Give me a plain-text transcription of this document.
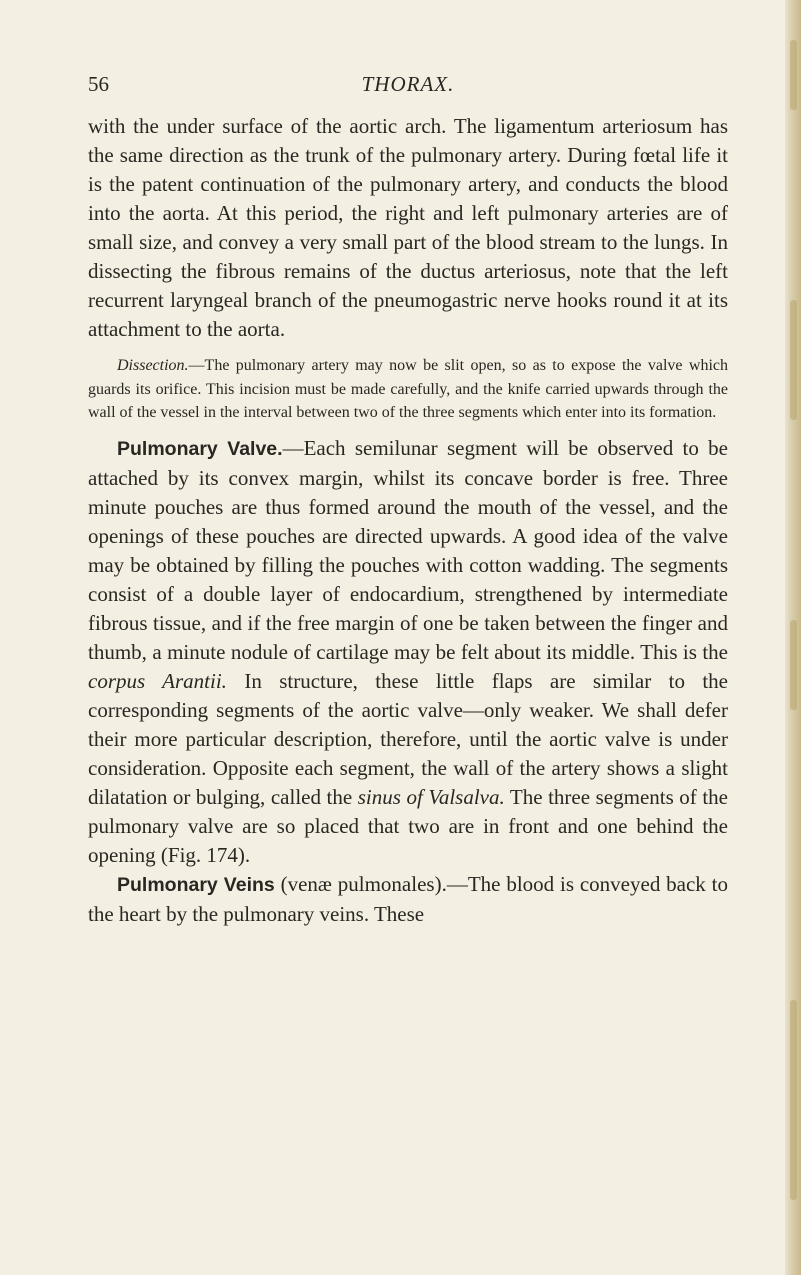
56	THORAX.

with the under surface of the aortic arch. The ligamentum arteriosum has the same direction as the trunk of the pulmonary artery. During fœtal life it is the patent continuation of the pulmonary artery, and conducts the blood into the aorta. At this period, the right and left pulmonary arteries are of small size, and convey a very small part of the blood stream to the lungs. In dissecting the fibrous remains of the ductus arteriosus, note that the left recurrent laryngeal branch of the pneumogastric nerve hooks round it at its attachment to the aorta.

Dissection.—The pulmonary artery may now be slit open, so as to expose the valve which guards its orifice. This incision must be made carefully, and the knife carried upwards through the wall of the vessel in the interval between two of the three segments which enter into its formation.

Pulmonary Valve.—Each semilunar segment will be observed to be attached by its convex margin, whilst its concave border is free. Three minute pouches are thus formed around the mouth of the vessel, and the openings of these pouches are directed upwards. A good idea of the valve may be obtained by filling the pouches with cotton wadding. The segments consist of a double layer of endocardium, strengthened by intermediate fibrous tissue, and if the free margin of one be taken between the finger and thumb, a minute nodule of cartilage may be felt about its middle. This is the corpus Arantii. In structure, these little flaps are similar to the corresponding segments of the aortic valve—only weaker. We shall defer their more particular description, therefore, until the aortic valve is under consideration. Opposite each segment, the wall of the artery shows a slight dilatation or bulging, called the sinus of Valsalva. The three segments of the pulmonary valve are so placed that two are in front and one behind the opening (Fig. 174).

Pulmonary Veins (venæ pulmonales).—The blood is conveyed back to the heart by the pulmonary veins. These
